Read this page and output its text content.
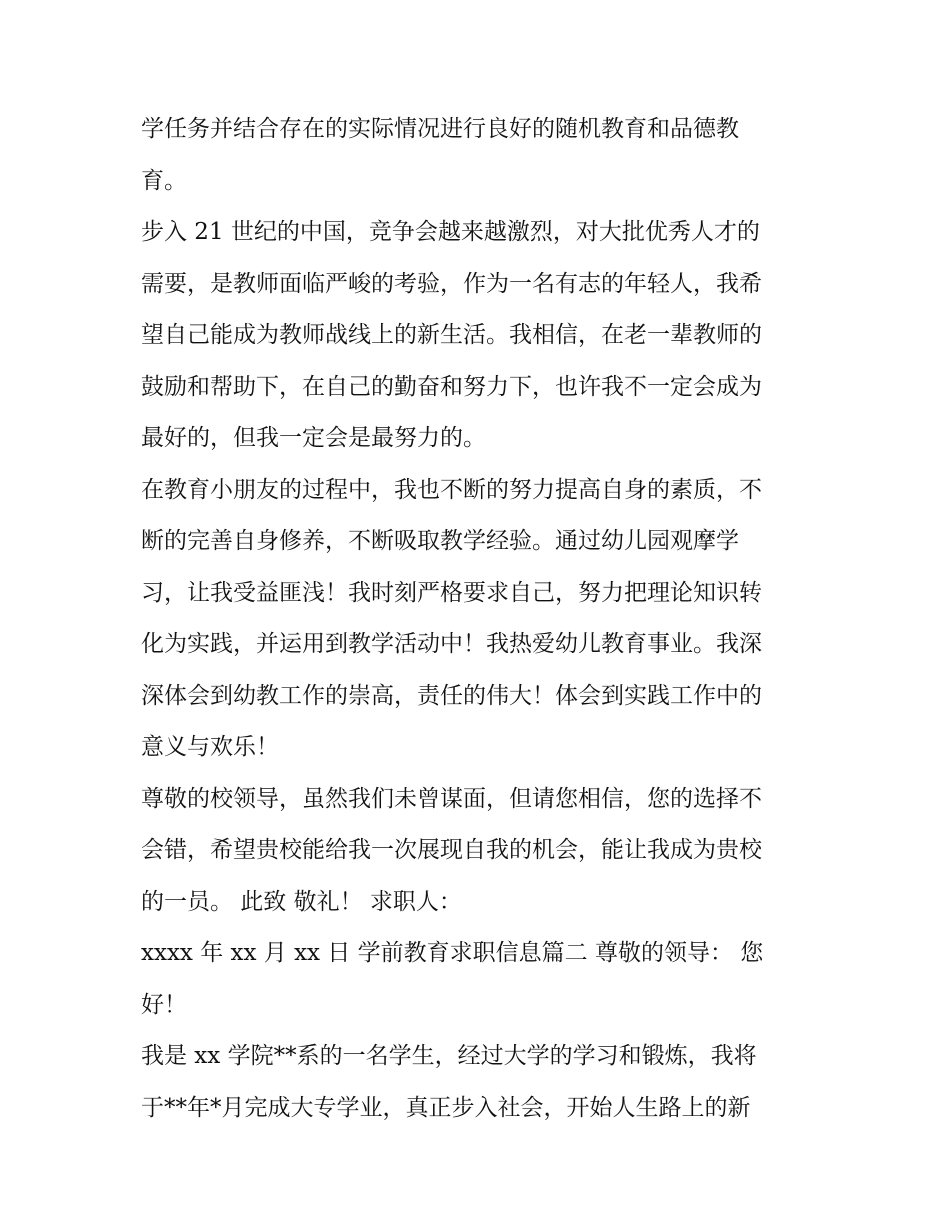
学任务并结合存在的实际情况进行良好的随机教育和品德教
育。
步入 21 世纪的中国，竞争会越来越激烈，对大批优秀人才的
需要，是教师面临严峻的考验，作为一名有志的年轻人，我希
望自己能成为教师战线上的新生活。我相信，在老一辈教师的
鼓励和帮助下，在自己的勤奋和努力下，也许我不一定会成为
最好的，但我一定会是最努力的。
在教育小朋友的过程中，我也不断的努力提高自身的素质，不
断的完善自身修养，不断吸取教学经验。通过幼儿园观摩学
习，让我受益匪浅！我时刻严格要求自己，努力把理论知识转
化为实践，并运用到教学活动中！我热爱幼儿教育事业。我深
深体会到幼教工作的崇高，责任的伟大！体会到实践工作中的
意义与欢乐！
尊敬的校领导，虽然我们未曾谋面，但请您相信，您的选择不
会错，希望贵校能给我一次展现自我的机会，能让我成为贵校
的一员。 此致 敬礼！ 求职人：
xxxx 年 xx 月 xx 日 学前教育求职信息篇二 尊敬的领导： 您
好！
我是 xx 学院**系的一名学生，经过大学的学习和锻炼，我将
于**年*月完成大专学业，真正步入社会，开始人生路上的新
